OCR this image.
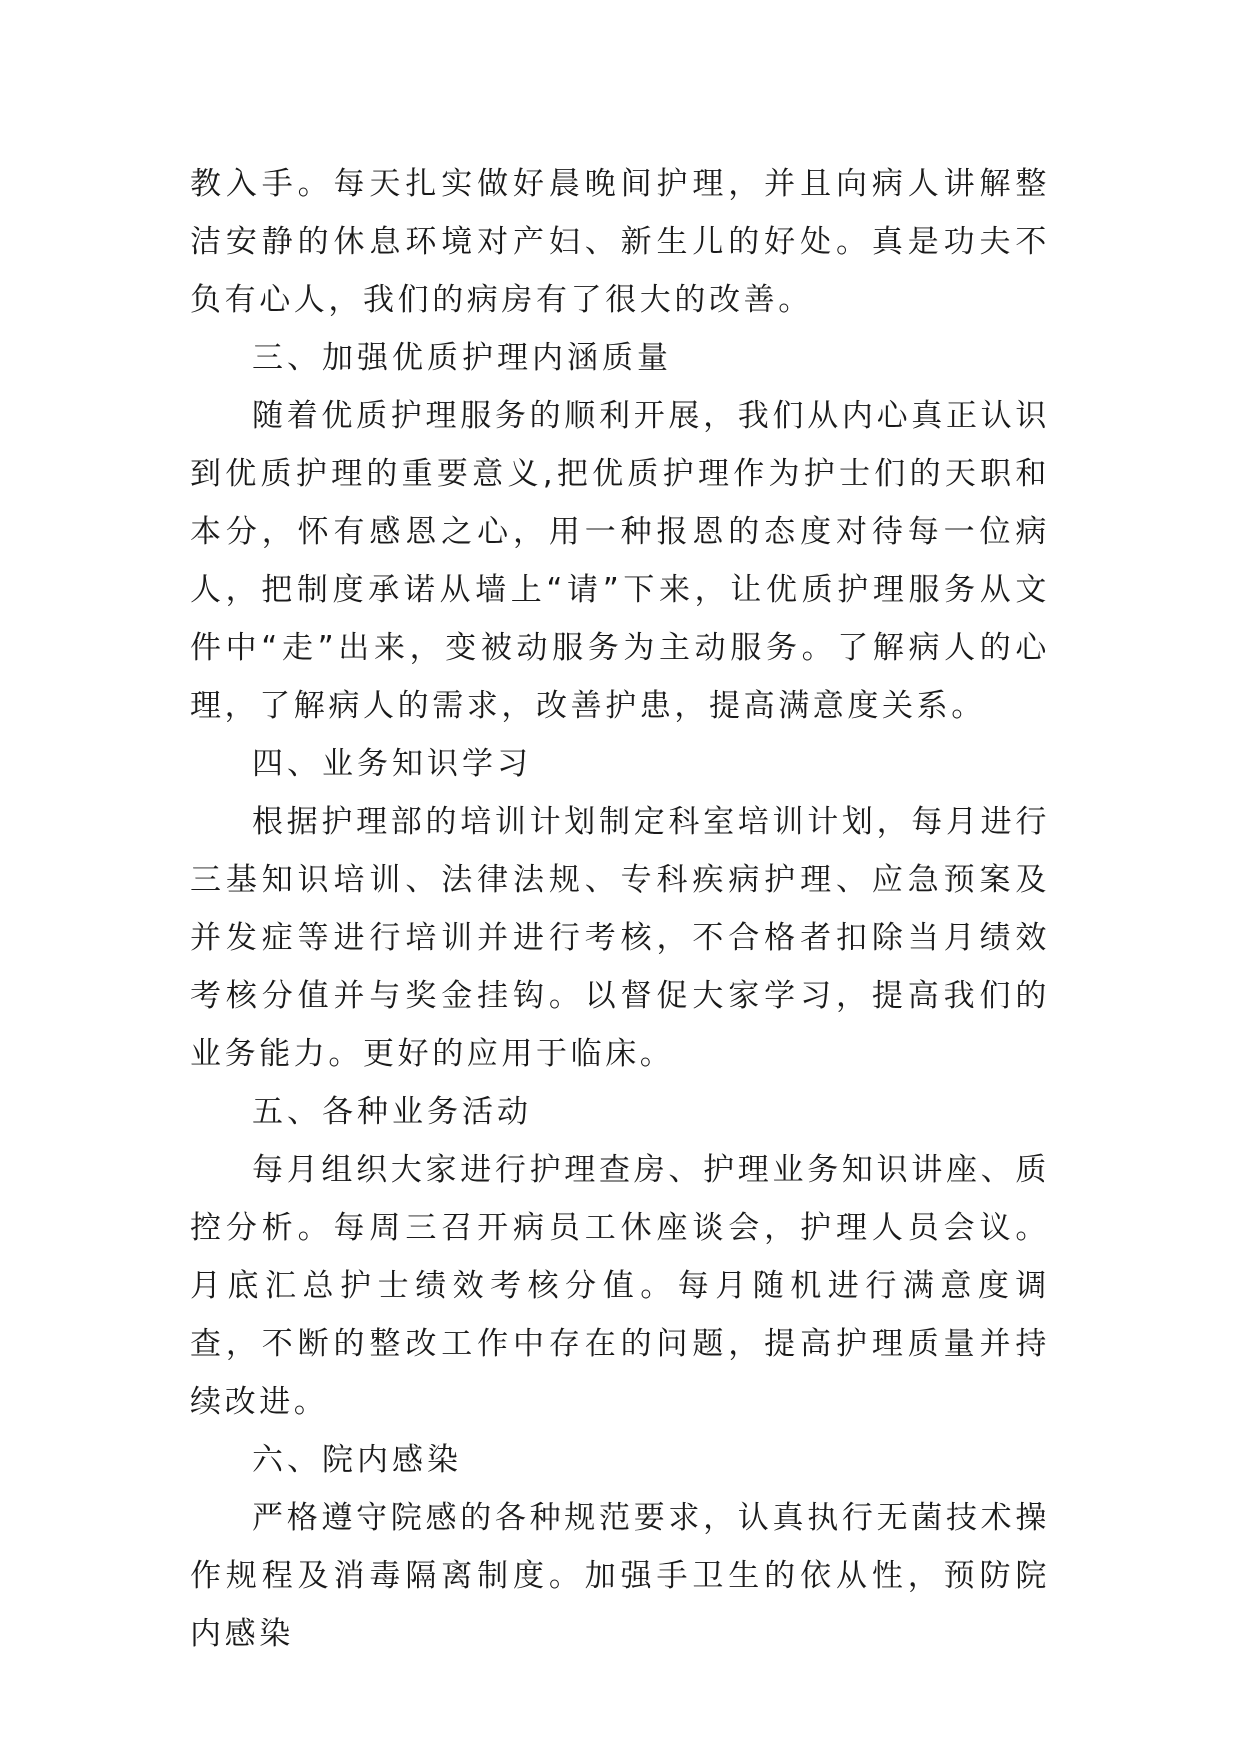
教入手。每天扎实做好晨晚间护理，并且向病人讲解整洁安静的休息环境对产妇、新生儿的好处。真是功夫不负有心人，我们的病房有了很大的改善。

三、加强优质护理内涵质量

随着优质护理服务的顺利开展，我们从内心真正认识到优质护理的重要意义,把优质护理作为护士们的天职和本分，怀有感恩之心，用一种报恩的态度对待每一位病人，把制度承诺从墙上“请”下来，让优质护理服务从文件中“走”出来，变被动服务为主动服务。了解病人的心理，了解病人的需求，改善护患，提高满意度关系。

四、业务知识学习

根据护理部的培训计划制定科室培训计划，每月进行三基知识培训、法律法规、专科疾病护理、应急预案及并发症等进行培训并进行考核，不合格者扣除当月绩效考核分值并与奖金挂钩。以督促大家学习，提高我们的业务能力。更好的应用于临床。

五、各种业务活动

每月组织大家进行护理查房、护理业务知识讲座、质控分析。每周三召开病员工休座谈会，护理人员会议。月底汇总护士绩效考核分值。每月随机进行满意度调查，不断的整改工作中存在的问题，提高护理质量并持续改进。

六、院内感染

严格遵守院感的各种规范要求，认真执行无菌技术操作规程及消毒隔离制度。加强手卫生的依从性，预防院内感染
